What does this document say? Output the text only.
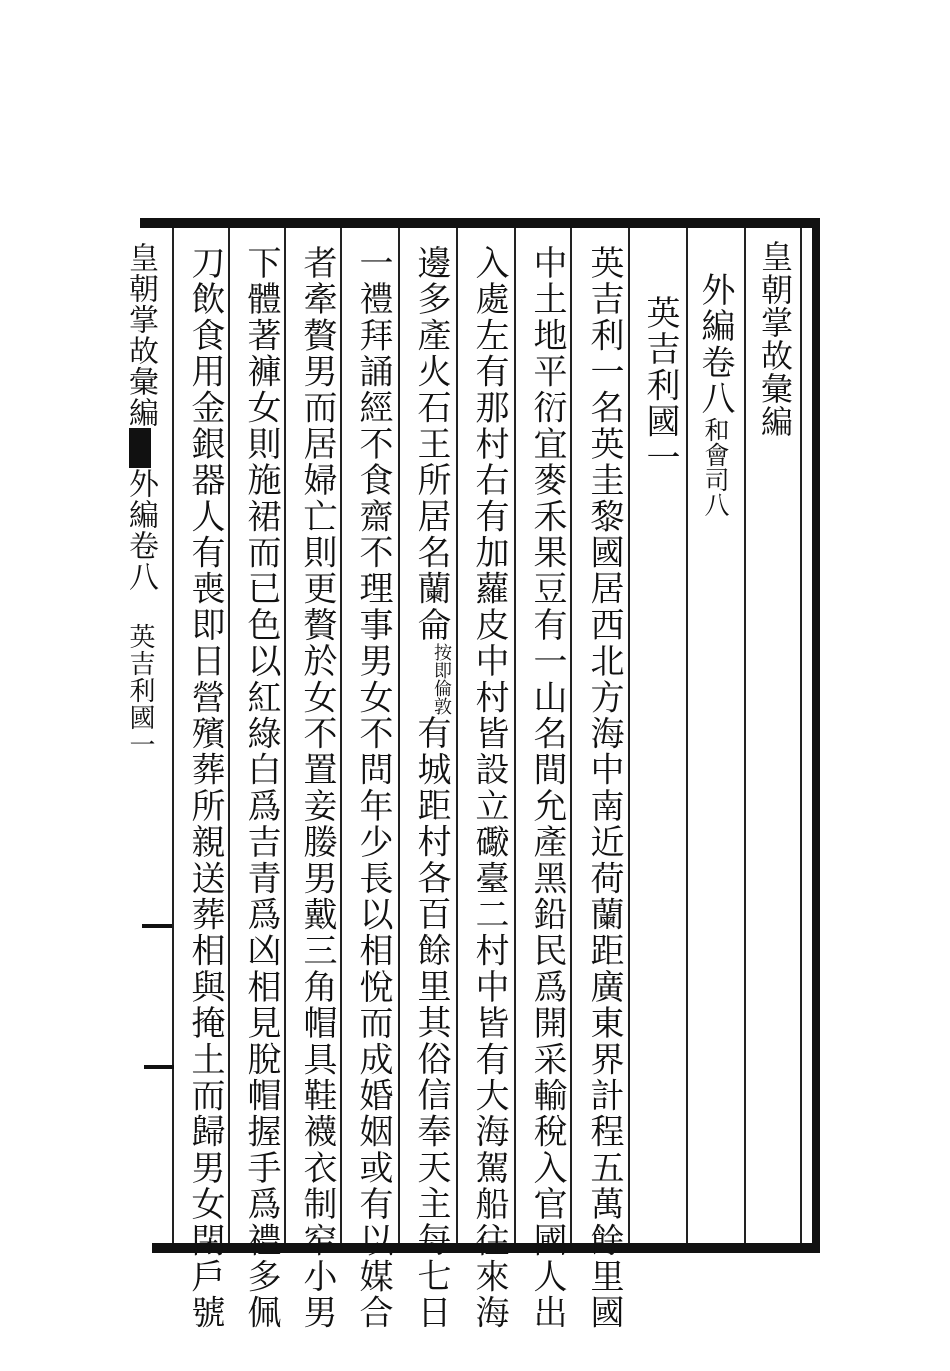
皇朝掌故彙編
外編卷八和會司八
英吉利國一
英吉利一名英圭黎國居西北方海中南近荷蘭距廣東界計程五萬餘里國
中土地平衍宜麥禾果豆有一山名間允產黑鉛民爲開采輸稅入官國人出
入處左有那村右有加蘿皮中村皆設立礮臺二村中皆有大海駕船往來海
邊多產火石王所居名蘭侖按即倫敦有城距村各百餘里其俗信奉天主每七日
一禮拜誦經不食齋不理事男女不問年少長以相悅而成婚姻或有以媒合
者牽贅男而居婦亡則更贅於女不置妾媵男戴三角帽具鞋襪衣制窄小男
下體著褲女則施裙而已色以紅綠白爲吉青爲凶相見脫帽握手爲禮多佩
刀飲食用金銀器人有喪即日營殯葬所親送葬相與掩土而歸男女閉戶號
皇朝掌故彙編外編卷八　英吉利國一
